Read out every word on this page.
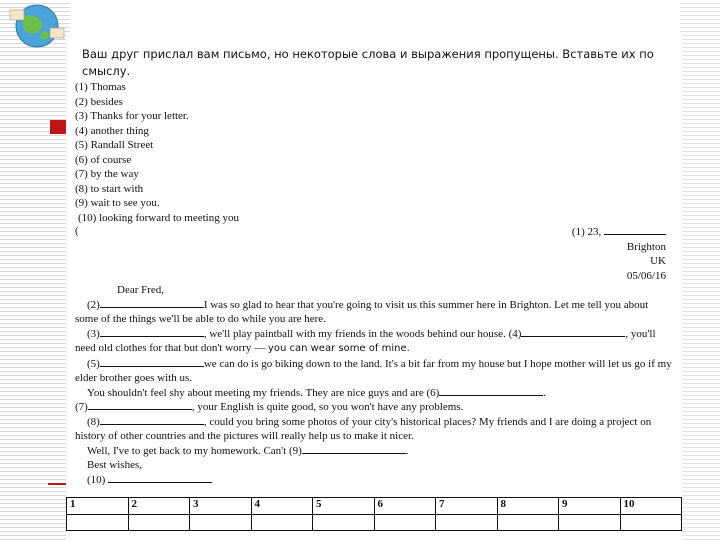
Ваш друг прислал вам письмо, но некоторые слова и выражения пропущены. Вставьте их по смыслу.
(1) Thomas
(2) besides
(3) Thanks for your letter.
(4) another thing
(5) Randall Street
(6) of course
(7) by the way
(8) to start with
(9) wait to see you.
(10) looking forward to meeting you
(	(1) 23,
Brighton
UK
05/06/16

Dear Fred,

(2)	I was so glad to hear that you're going to visit us this summer here in Brighton. Let me tell you about some of the things we'll be able to do while you are here.

(3)	, we'll play paintball with my friends in the woods behind our house. (4)	, you'll need old clothes for that but don't worry — you can wear some of mine.

(5)	we can do is go biking down to the land. It's a bit far from my house but I hope mother will let us go if my elder brother goes with us.

You shouldn't feel shy about meeting my friends. They are nice guys and are (6)	.

(7)	, your English is quite good, so you won't have any problems.

(8)	, could you bring some photos of your city's historical places? My friends and I are doing a project on history of other countries and the pictures will really help us to make it nicer.

Well, I've to get back to my homework. Can't (9)	.

Best wishes,

(10)

1	2	3	4	5	6	7	8	9	10
